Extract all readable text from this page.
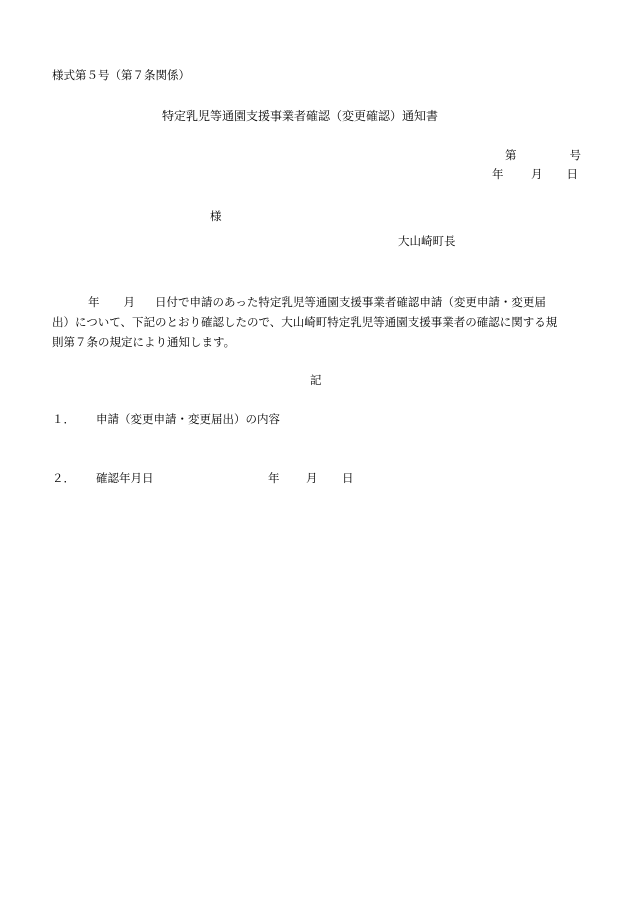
様式第５号（第７条関係）
特定乳児等通園支援事業者確認（変更確認）通知書
第	号
年 月 日
様
大山崎町長
年 月 日付で申請のあった特定乳児等通園支援事業者確認申請（変更申請・変更届
出）について、下記のとおり確認したので、大山崎町特定乳児等通園支援事業者の確認に関する規
則第７条の規定により通知します。
記
１． 申請（変更申請・変更届出）の内容
２． 確認年月日	年 月 日
